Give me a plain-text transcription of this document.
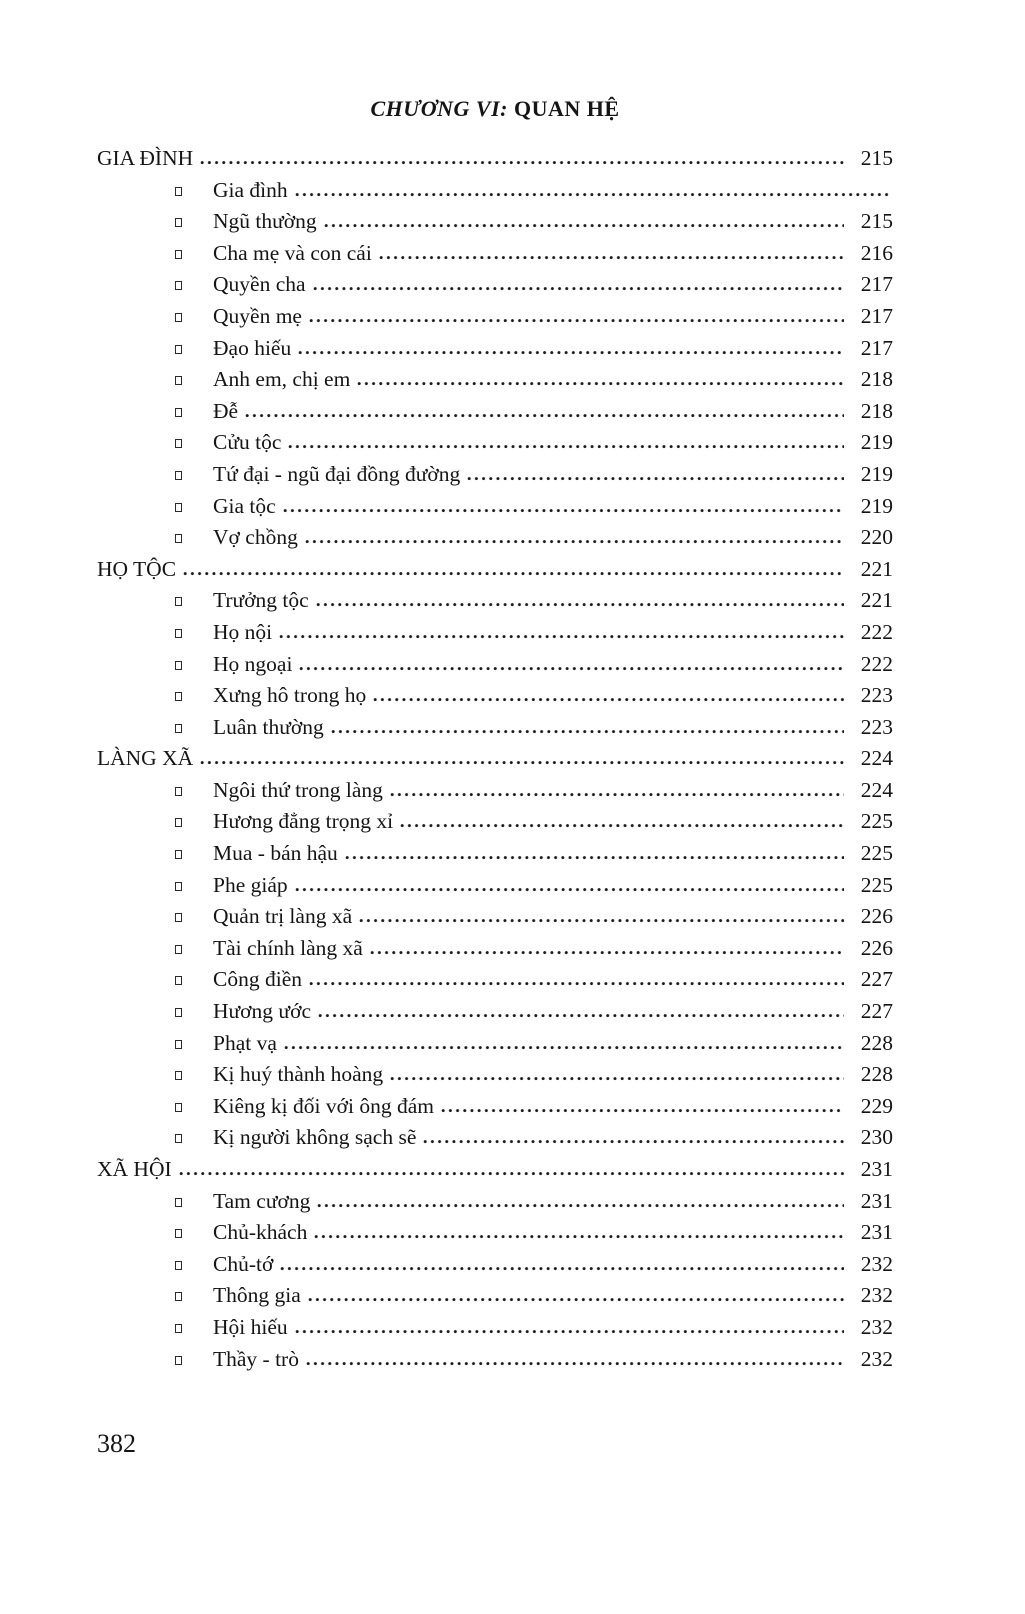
CHƯƠNG VI: QUAN HỆ
GIA ĐÌNH	215
Gia đình
Ngũ thường	215
Cha mẹ và con cái	216
Quyền cha	217
Quyền mẹ	217
Đạo hiếu	217
Anh em, chị em	218
Đễ	218
Cửu tộc	219
Tứ đại - ngũ đại đồng đường	219
Gia tộc	219
Vợ chồng	220
HỌ TỘC	221
Trưởng tộc	221
Họ nội	222
Họ ngoại	222
Xưng hô trong họ	223
Luân thường	223
LÀNG XÃ	224
Ngôi thứ trong làng	224
Hương đẳng trọng xỉ	225
Mua - bán hậu	225
Phe giáp	225
Quản trị làng xã	226
Tài chính làng xã	226
Công điền	227
Hương ước	227
Phạt vạ	228
Kị huý thành hoàng	228
Kiêng kị đối với ông đám	229
Kị người không sạch sẽ	230
XÃ HỘI	231
Tam cương	231
Chủ-khách	231
Chủ-tớ	232
Thông gia	232
Hội hiếu	232
Thầy - trò	232
382
